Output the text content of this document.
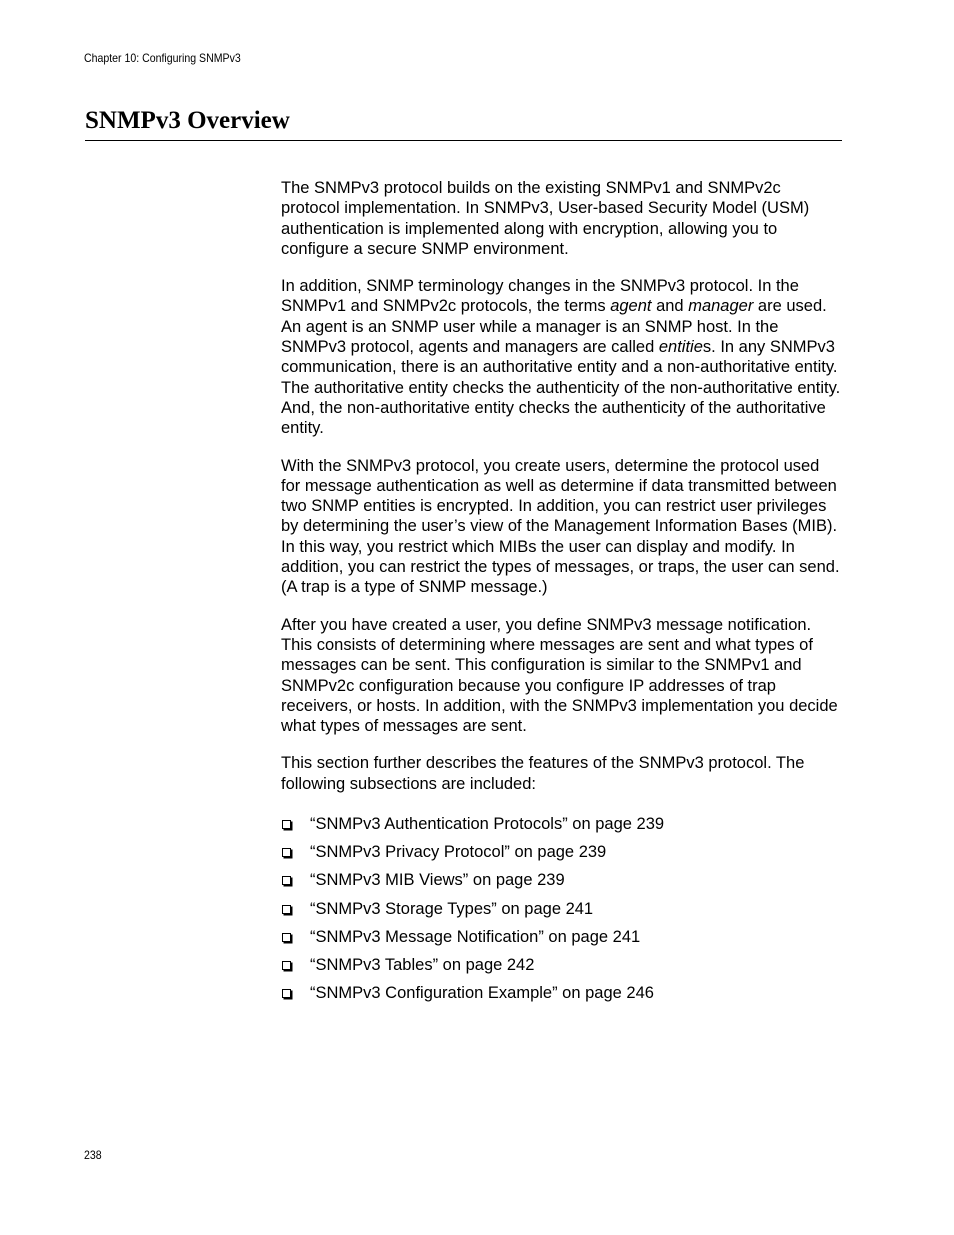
Chapter 10: Configuring SNMPv3
SNMPv3 Overview

The SNMPv3 protocol builds on the existing SNMPv1 and SNMPv2c protocol implementation. In SNMPv3, User-based Security Model (USM) authentication is implemented along with encryption, allowing you to configure a secure SNMP environment.

In addition, SNMP terminology changes in the SNMPv3 protocol. In the SNMPv1 and SNMPv2c protocols, the terms agent and manager are used. An agent is an SNMP user while a manager is an SNMP host. In the SNMPv3 protocol, agents and managers are called entities. In any SNMPv3 communication, there is an authoritative entity and a non-authoritative entity. The authoritative entity checks the authenticity of the non-authoritative entity. And, the non-authoritative entity checks the authenticity of the authoritative entity.

With the SNMPv3 protocol, you create users, determine the protocol used for message authentication as well as determine if data transmitted between two SNMP entities is encrypted. In addition, you can restrict user privileges by determining the user’s view of the Management Information Bases (MIB). In this way, you restrict which MIBs the user can display and modify. In addition, you can restrict the types of messages, or traps, the user can send. (A trap is a type of SNMP message.)

After you have created a user, you define SNMPv3 message notification. This consists of determining where messages are sent and what types of messages can be sent. This configuration is similar to the SNMPv1 and SNMPv2c configuration because you configure IP addresses of trap receivers, or hosts. In addition, with the SNMPv3 implementation you decide what types of messages are sent.

This section further describes the features of the SNMPv3 protocol. The following subsections are included:

“SNMPv3 Authentication Protocols” on page 239
“SNMPv3 Privacy Protocol” on page 239
“SNMPv3 MIB Views” on page 239
“SNMPv3 Storage Types” on page 241
“SNMPv3 Message Notification” on page 241
“SNMPv3 Tables” on page 242
“SNMPv3 Configuration Example” on page 246
238
